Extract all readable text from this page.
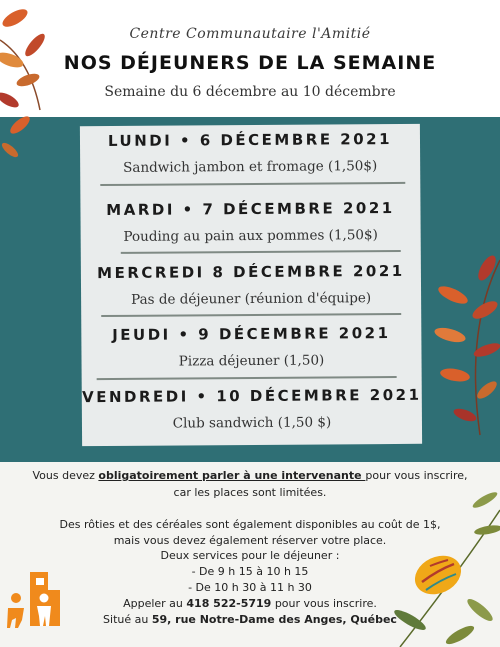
Centre Communautaire l'Amitié
NOS DÉJEUNERS DE LA SEMAINE
Semaine du 6 décembre au 10 décembre
LUNDI • 6 DÉCEMBRE 2021
Sandwich jambon et fromage (1,50$)
MARDI • 7 DÉCEMBRE 2021
Pouding au pain aux pommes (1,50$)
MERCREDI 8 DÉCEMBRE 2021
Pas de déjeuner (réunion d'équipe)
JEUDI • 9 DÉCEMBRE 2021
Pizza déjeuner (1,50)
VENDREDI • 10 DÉCEMBRE 2021
Club sandwich (1,50 $)

Vous devez obligatoirement parler à une intervenante pour vous inscrire,

car les places sont limitées.

Des rôties et des céréales sont également disponibles au coût de 1$,

mais vous devez également réserver votre place.

Deux services pour le déjeuner :

- De 9 h 15 à 10 h 15

- De 10 h 30 à 11 h 30

Appeler au 418 522-5719 pour vous inscrire.

Situé au 59, rue Notre-Dame des Anges, Québec
